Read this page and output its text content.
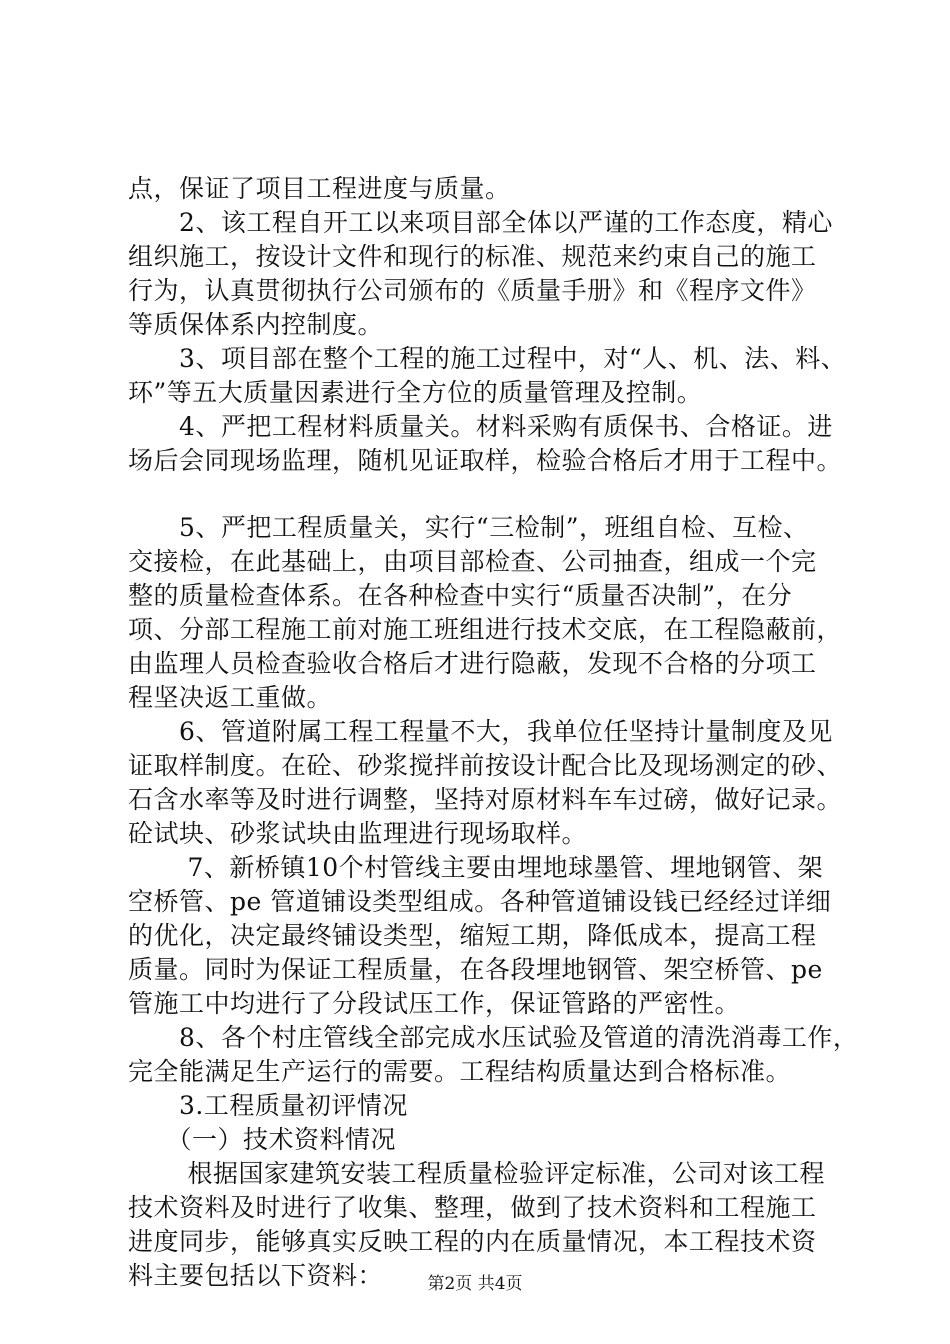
点，保证了项目工程进度与质量。
　　2、该工程自开工以来项目部全体以严谨的工作态度，精心
组织施工，按设计文件和现行的标准、规范来约束自己的施工
行为，认真贯彻执行公司颁布的《质量手册》和《程序文件》
等质保体系内控制度。
　　3、项目部在整个工程的施工过程中，对“人、机、法、料、
环”等五大质量因素进行全方位的质量管理及控制。
　　4、严把工程材料质量关。材料采购有质保书、合格证。进
场后会同现场监理，随机见证取样，检验合格后才用于工程中。
　　5、严把工程质量关，实行“三检制”，班组自检、互检、
交接检，在此基础上，由项目部检查、公司抽查，组成一个完
整的质量检查体系。在各种检查中实行“质量否决制”，在分
项、分部工程施工前对施工班组进行技术交底，在工程隐蔽前，
由监理人员检查验收合格后才进行隐蔽，发现不合格的分项工
程坚决返工重做。
　　6、管道附属工程工程量不大，我单位任坚持计量制度及见
证取样制度。在砼、砂浆搅拌前按设计配合比及现场测定的砂、
石含水率等及时进行调整，坚持对原材料车车过磅，做好记录。
砼试块、砂浆试块由监理进行现场取样。
　　 7、新桥镇10个村管线主要由埋地球墨管、埋地钢管、架
空桥管、pe 管道铺设类型组成。各种管道铺设钱已经经过详细
的优化，决定最终铺设类型，缩短工期，降低成本，提高工程
质量。同时为保证工程质量，在各段埋地钢管、架空桥管、pe
管施工中均进行了分段试压工作，保证管路的严密性。
　　8、各个村庄管线全部完成水压试验及管道的清洗消毒工作，
完全能满足生产运行的需要。工程结构质量达到合格标准。
　　3.工程质量初评情况
　　（一）技术资料情况
　　 根据国家建筑安装工程质量检验评定标准，公司对该工程
技术资料及时进行了收集、整理，做到了技术资料和工程施工
进度同步，能够真实反映工程的内在质量情况，本工程技术资
料主要包括以下资料：	第2页 共4页
